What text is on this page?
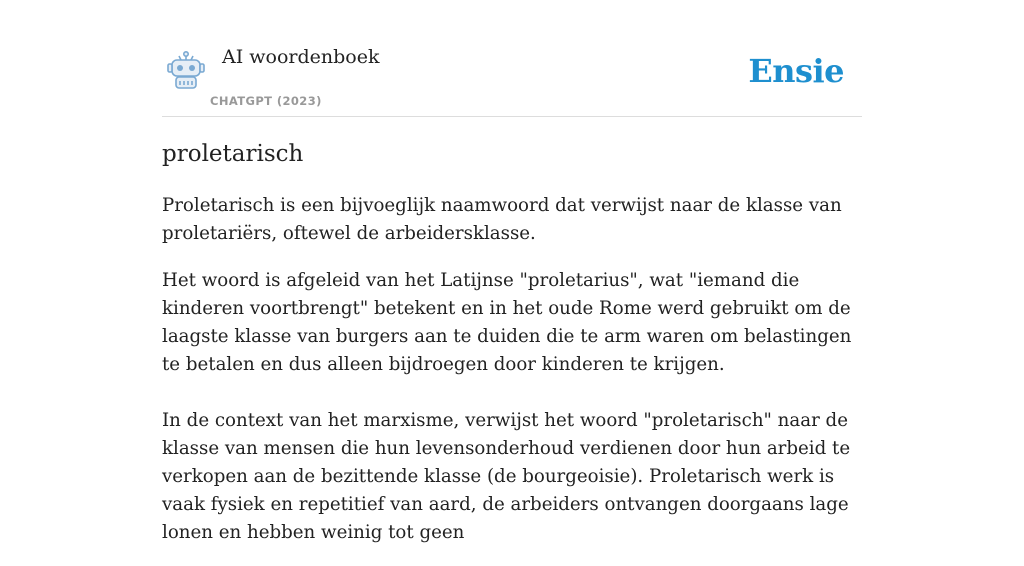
AI woordenboek
CHATGPT (2023)
Ensie
proletarisch

Proletarisch is een bijvoeglijk naamwoord dat verwijst naar de klasse van proletariërs, oftewel de arbeidersklasse.

Het woord is afgeleid van het Latijnse "proletarius", wat "iemand die kinderen voortbrengt" betekent en in het oude Rome werd gebruikt om de laagste klasse van burgers aan te duiden die te arm waren om belastingen te betalen en dus alleen bijdroegen door kinderen te krijgen.

In de context van het marxisme, verwijst het woord "proletarisch" naar de klasse van mensen die hun levensonderhoud verdienen door hun arbeid te verkopen aan de bezittende klasse (de bourgeoisie). Proletarisch werk is vaak fysiek en repetitief van aard, de arbeiders ontvangen doorgaans lage lonen en hebben weinig tot geen
